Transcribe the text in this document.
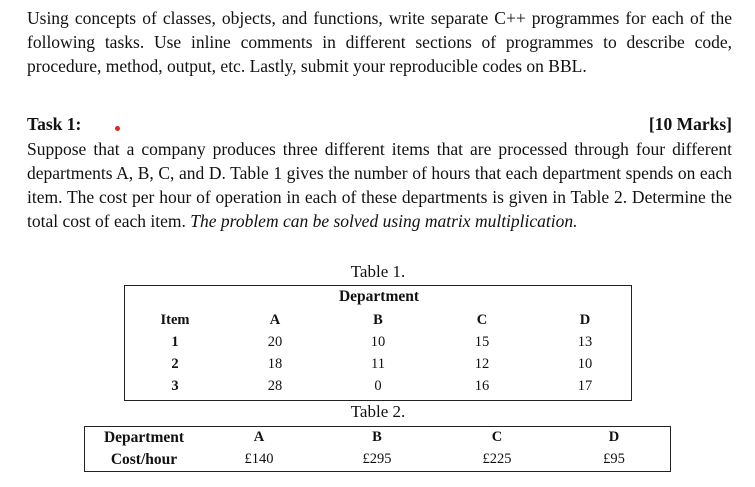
Using concepts of classes, objects, and functions, write separate C++ programmes for each of the following tasks. Use inline comments in different sections of programmes to describe code, procedure, method, output, etc. Lastly, submit your reproducible codes on BBL.
Task 1:	[10 Marks]
Suppose that a company produces three different items that are processed through four different departments A, B, C, and D. Table 1 gives the number of hours that each department spends on each item. The cost per hour of operation in each of these departments is given in Table 2. Determine the total cost of each item. The problem can be solved using matrix multiplication.
Table 1.
Department
Item	A	B	C	D
1	20	10	15	13
2	18	11	12	10
3	28	0	16	17
Table 2.
Department	A	B	C	D
Cost/hour	£140	£295	£225	£95
